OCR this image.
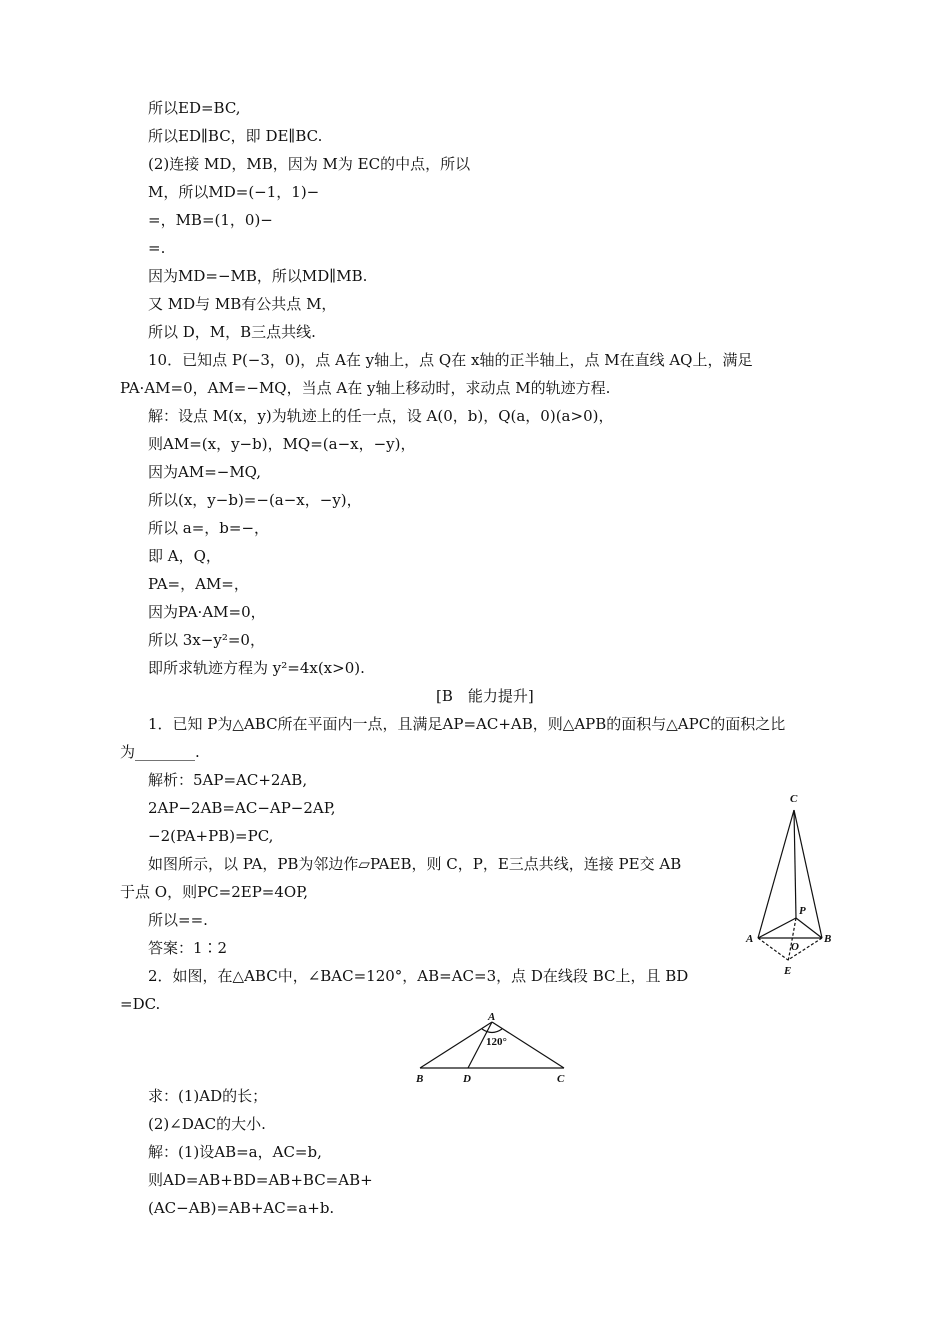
所以ED=BC,
所以ED∥BC，即 DE∥BC.
(2)连接 MD，MB，因为 M为 EC的中点，所以
M，所以MD=(−1，1)−
=，MB=(1，0)−
=.
因为MD=−MB，所以MD∥MB.
又 MD与 MB有公共点 M，
所以 D，M，B三点共线.
10．已知点 P(−3，0)，点 A在 y轴上，点 Q在 x轴的正半轴上，点 M在直线 AQ上，满足
PA·AM=0，AM=−MQ，当点 A在 y轴上移动时，求动点 M的轨迹方程.
解：设点 M(x，y)为轨迹上的任一点，设 A(0，b)，Q(a，0)(a>0)，
则AM=(x，y−b)，MQ=(a−x，−y)，
因为AM=−MQ,
所以(x，y−b)=−(a−x，−y)，
所以 a=，b=−，
即 A，Q，
PA=，AM=，
因为PA·AM=0，
所以 3x−y²=0，
即所求轨迹方程为 y²=4x(x>0).
[B　能力提升]
1．已知 P为△ABC所在平面内一点，且满足AP=AC+AB，则△APB的面积与△APC的面积之比
为________.
解析：5AP=AC+2AB,
2AP−2AB=AC−AP−2AP,
−2(PA+PB)=PC,
如图所示，以 PA，PB为邻边作▱PAEB，则 C，P，E三点共线，连接 PE交 AB
于点 O，则PC=2EP=4OP,
所以==.
答案：1∶2
2．如图，在△ABC中，∠BAC=120°，AB=AC=3，点 D在线段 BC上，且 BD
=DC.
C
P
A	B
O
E
A
B	D	C
120°
求：(1)AD的长；
(2)∠DAC的大小.
解：(1)设AB=a，AC=b,
则AD=AB+BD=AB+BC=AB+
(AC−AB)=AB+AC=a+b.
